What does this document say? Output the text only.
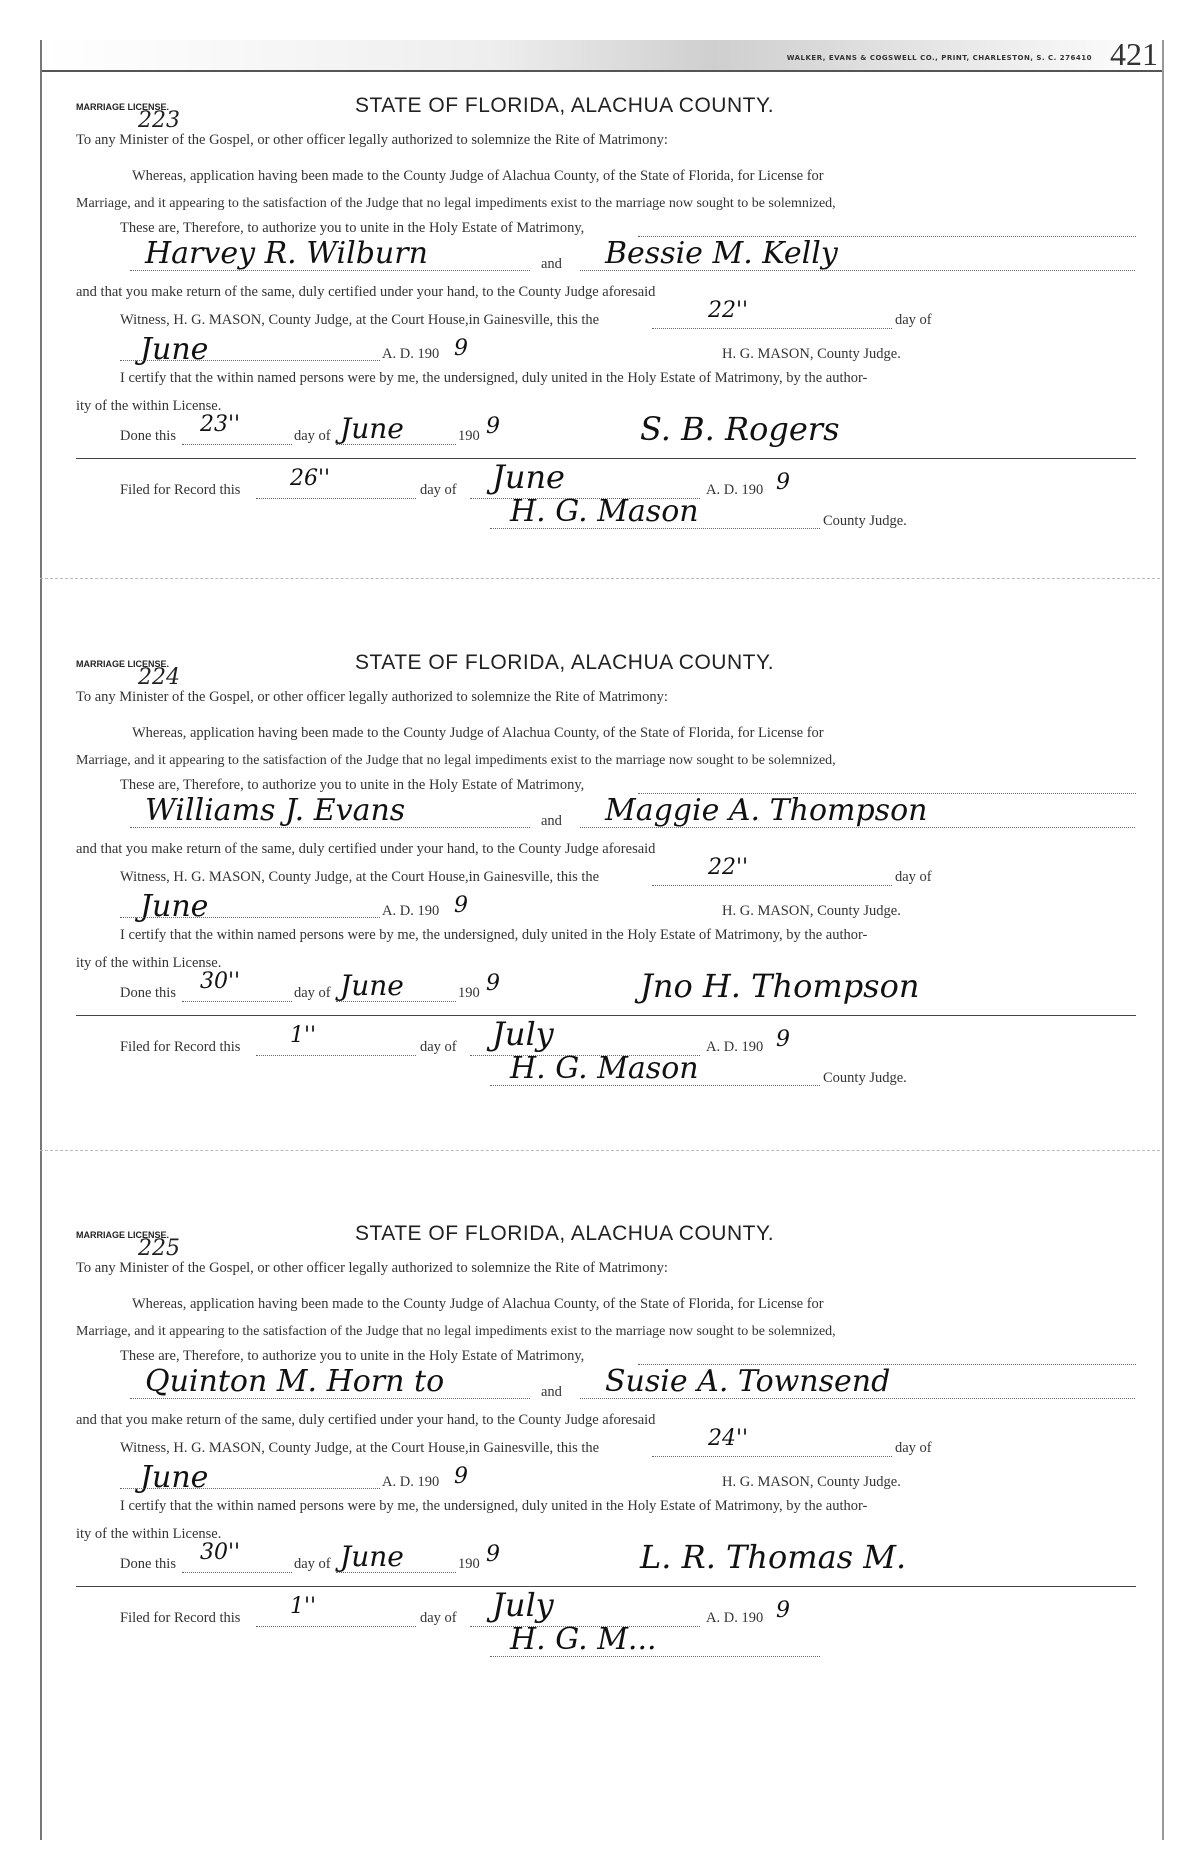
WALKER, EVANS & COGSWELL CO., PRINT, CHARLESTON, S. C. 276410 421
MARRIAGE LICENSE.
223
STATE OF FLORIDA, ALACHUA COUNTY.
To any Minister of the Gospel, or other officer legally authorized to solemnize the Rite of Matrimony:
Whereas, application having been made to the County Judge of Alachua County, of the State of Florida, for License for
Marriage, and it appearing to the satisfaction of the Judge that no legal impediments exist to the marriage now sought to be solemnized,
These are, Therefore, to authorize you to unite in the Holy Estate of Matrimony,
Harvey R. Wilburn	and Bessie M. Kelly
and that you make return of the same, duly certified under your hand, to the County Judge aforesaid
Witness, H. G. MASON, County Judge, at the Court House,in Gainesville, this the	22''	day of
June	A. D. 190 9	H. G. MASON, County Judge.
I certify that the within named persons were by me, the undersigned, duly united in the Holy Estate of Matrimony, by the author-
ity of the within License.
Done this 23''	day of June	190 9	S. B. Rogers
Filed for Record this 26''	day of June	A. D. 190 9
H. G. Mason	County Judge.
MARRIAGE LICENSE.
224
STATE OF FLORIDA, ALACHUA COUNTY.
To any Minister of the Gospel, or other officer legally authorized to solemnize the Rite of Matrimony:
Whereas, application having been made to the County Judge of Alachua County, of the State of Florida, for License for
Marriage, and it appearing to the satisfaction of the Judge that no legal impediments exist to the marriage now sought to be solemnized,
These are, Therefore, to authorize you to unite in the Holy Estate of Matrimony,
Williams J. Evans	and Maggie A. Thompson
and that you make return of the same, duly certified under your hand, to the County Judge aforesaid
Witness, H. G. MASON, County Judge, at the Court House,in Gainesville, this the	22''	day of
June	A. D. 190 9	H. G. MASON, County Judge.
I certify that the within named persons were by me, the undersigned, duly united in the Holy Estate of Matrimony, by the author-
ity of the within License.
Done this 30''	day of June	190 9	Jno H. Thompson
Filed for Record this 1''	day of July	A. D. 190 9
H. G. Mason	County Judge.
MARRIAGE LICENSE.
225
STATE OF FLORIDA, ALACHUA COUNTY.
To any Minister of the Gospel, or other officer legally authorized to solemnize the Rite of Matrimony:
Whereas, application having been made to the County Judge of Alachua County, of the State of Florida, for License for
Marriage, and it appearing to the satisfaction of the Judge that no legal impediments exist to the marriage now sought to be solemnized,
These are, Therefore, to authorize you to unite in the Holy Estate of Matrimony,
Quinton M. Horn to	and Susie A. Townsend
and that you make return of the same, duly certified under your hand, to the County Judge aforesaid
Witness, H. G. MASON, County Judge, at the Court House,in Gainesville, this the	24''	day of
June	A. D. 190 9	H. G. MASON, County Judge.
I certify that the within named persons were by me, the undersigned, duly united in the Holy Estate of Matrimony, by the author-
ity of the within License.
Done this 30''	day of June	190 9	L. R. Thomas M.
Filed for Record this 1''	day of July	A. D. 190 9
H. G. M...
